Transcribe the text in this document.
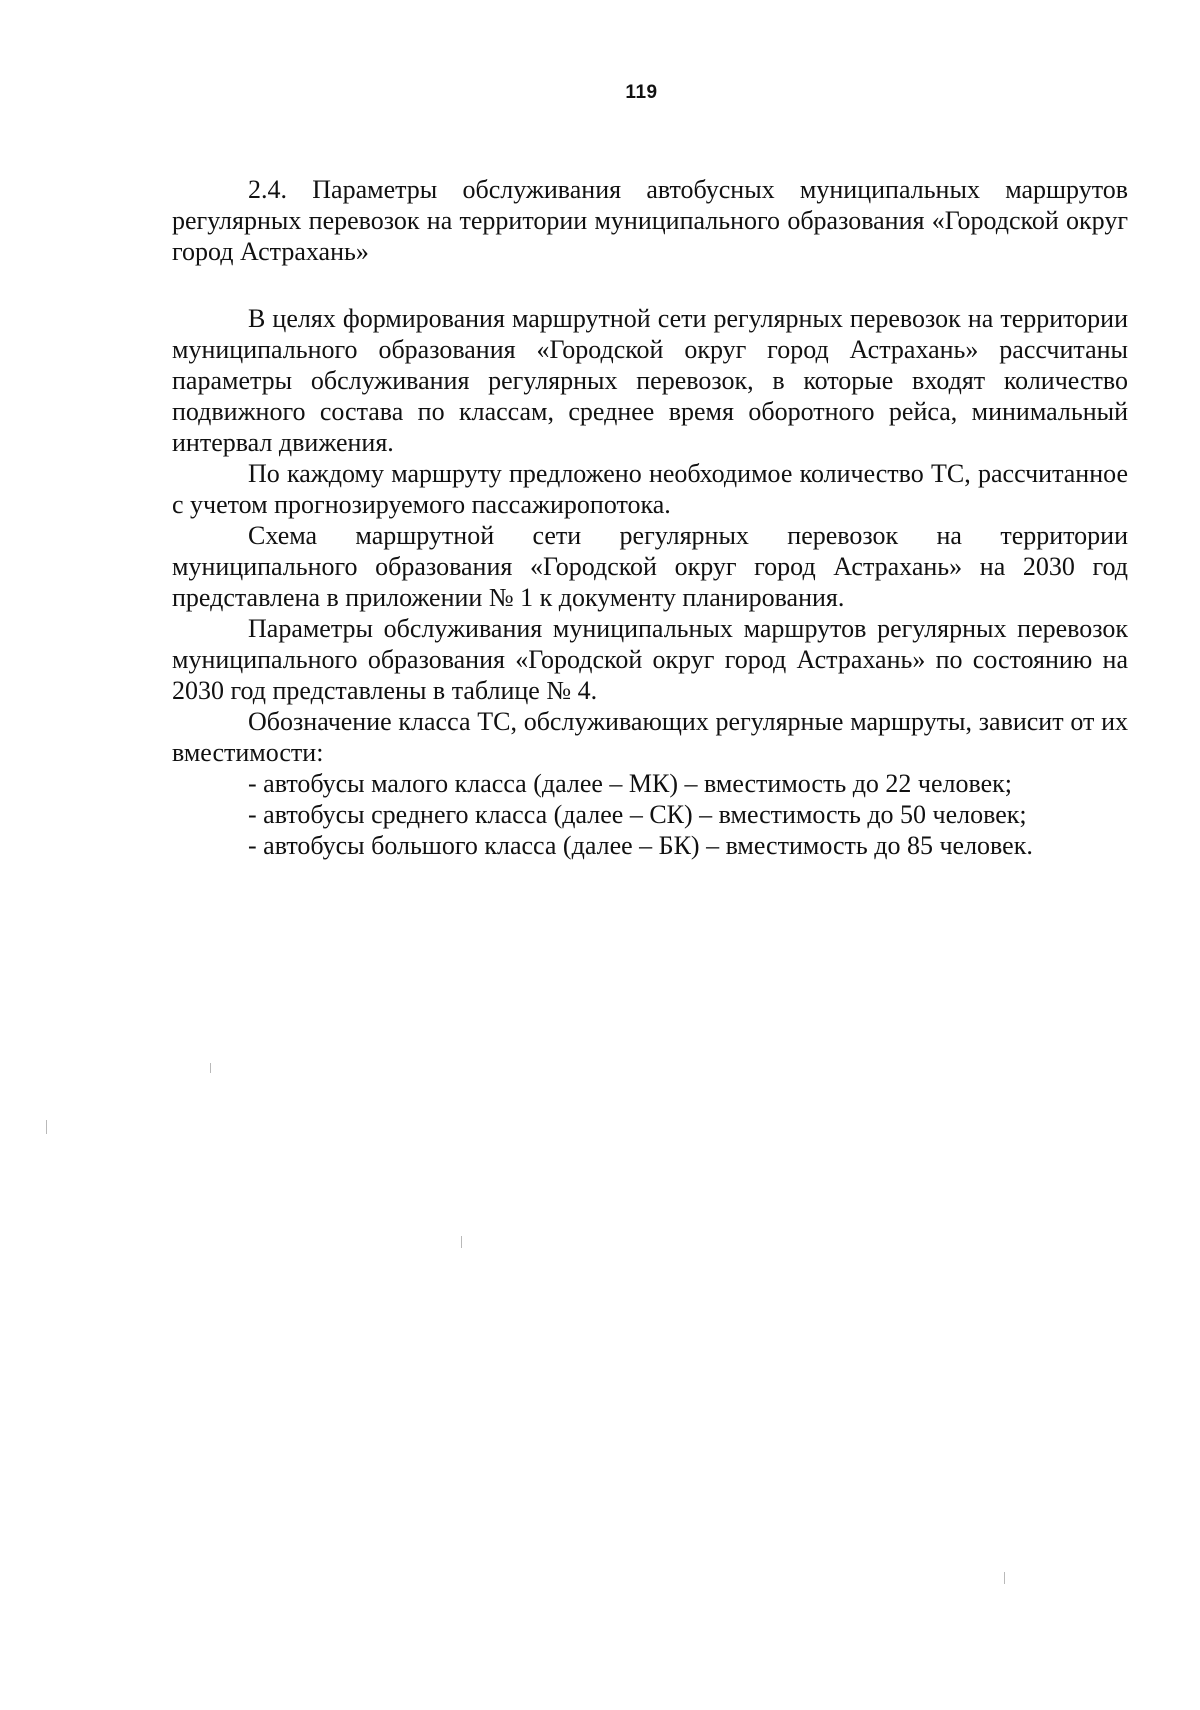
119
2.4. Параметры обслуживания автобусных муниципальных маршрутов регулярных перевозок на территории муниципального образования «Городской округ город Астрахань»

В целях формирования маршрутной сети регулярных перевозок на территории муниципального образования «Городской округ город Астрахань» рассчитаны параметры обслуживания регулярных перевозок, в которые входят количество подвижного состава по классам, среднее время оборотного рейса, минимальный интервал движения.

По каждому маршруту предложено необходимое количество ТС, рассчитанное с учетом прогнозируемого пассажиропотока.

Схема маршрутной сети регулярных перевозок на территории муниципального образования «Городской округ город Астрахань» на 2030 год представлена в приложении № 1 к документу планирования.

Параметры обслуживания муниципальных маршрутов регулярных перевозок муниципального образования «Городской округ город Астрахань» по состоянию на 2030 год представлены в таблице № 4.

Обозначение класса ТС, обслуживающих регулярные маршруты, зависит от их вместимости:

- автобусы малого класса (далее – МК) – вместимость до 22 человек;
- автобусы среднего класса (далее – СК) – вместимость до 50 человек;
- автобусы большого класса (далее – БК) – вместимость до 85 человек.
